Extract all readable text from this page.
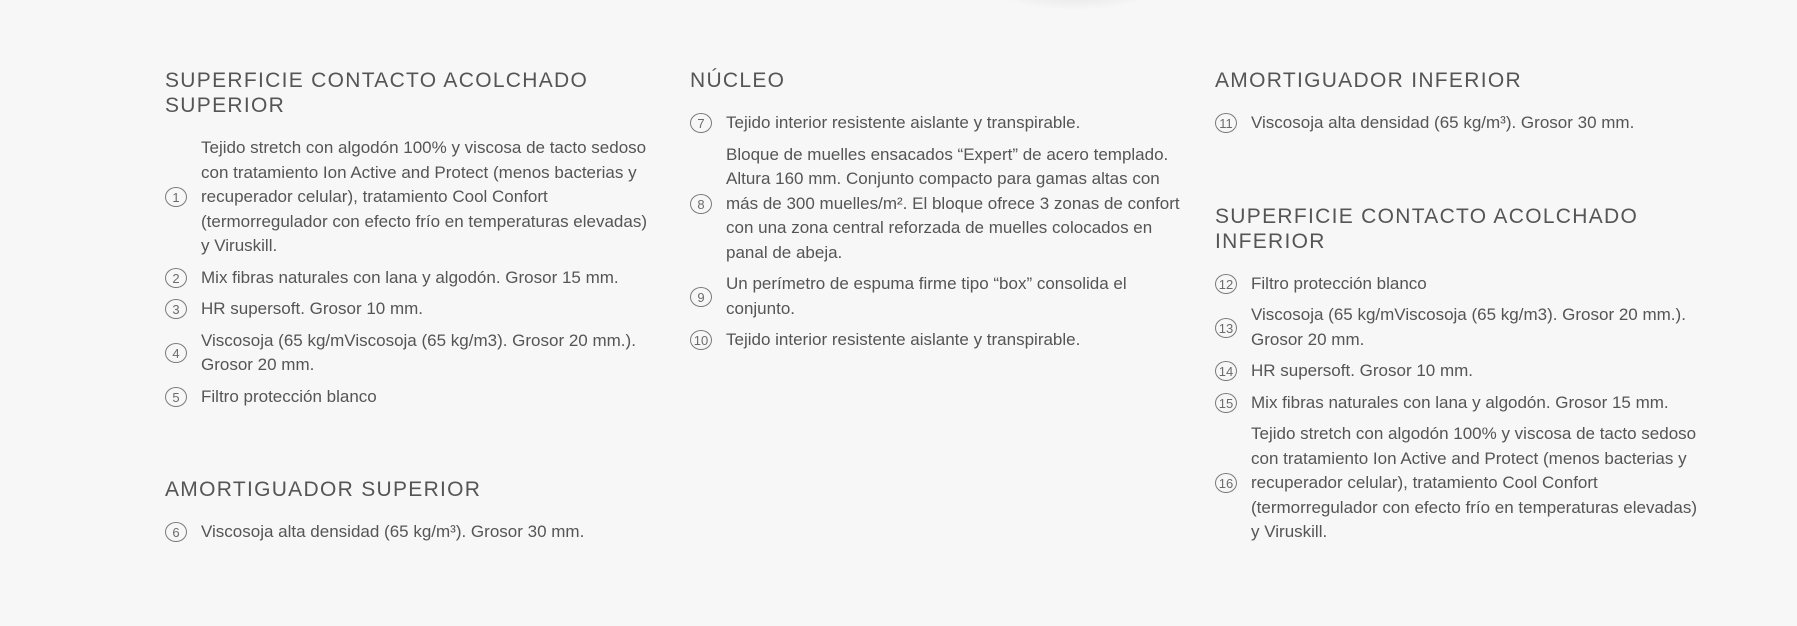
SUPERFICIE CONTACTO ACOLCHADO SUPERIOR
1
Tejido stretch con algodón 100% y viscosa de tacto sedoso con tratamiento Ion Active and Protect (menos bacterias y recuperador celular), tratamiento Cool Confort (termorregulador con efecto frío en temperaturas elevadas) y Viruskill.
2	Mix fibras naturales con lana y algodón. Grosor 15 mm.
3	HR supersoft. Grosor 10 mm.
4
Viscosoja (65 kg/mViscosoja (65 kg/m3). Grosor 20 mm.). Grosor 20 mm.
5	Filtro protección blanco
AMORTIGUADOR SUPERIOR
6	Viscosoja alta densidad (65 kg/m³). Grosor 30 mm.
NÚCLEO
7	Tejido interior resistente aislante y transpirable.
8
Bloque de muelles ensacados “Expert” de acero templado. Altura 160 mm. Conjunto compacto para gamas altas con más de 300 muelles/m². El bloque ofrece 3 zonas de confort con una zona central reforzada de muelles colocados en panal de abeja.
9
Un perímetro de espuma firme tipo “box” consolida el conjunto.
10 Tejido interior resistente aislante y transpirable.
AMORTIGUADOR INFERIOR
11 Viscosoja alta densidad (65 kg/m³). Grosor 30 mm.
SUPERFICIE CONTACTO ACOLCHADO INFERIOR
12 Filtro protección blanco
13
Viscosoja (65 kg/mViscosoja (65 kg/m3). Grosor 20 mm.). Grosor 20 mm.
14 HR supersoft. Grosor 10 mm.
15 Mix fibras naturales con lana y algodón. Grosor 15 mm.
16
Tejido stretch con algodón 100% y viscosa de tacto sedoso con tratamiento Ion Active and Protect (menos bacterias y recuperador celular), tratamiento Cool Confort (termorregulador con efecto frío en temperaturas elevadas) y Viruskill.
